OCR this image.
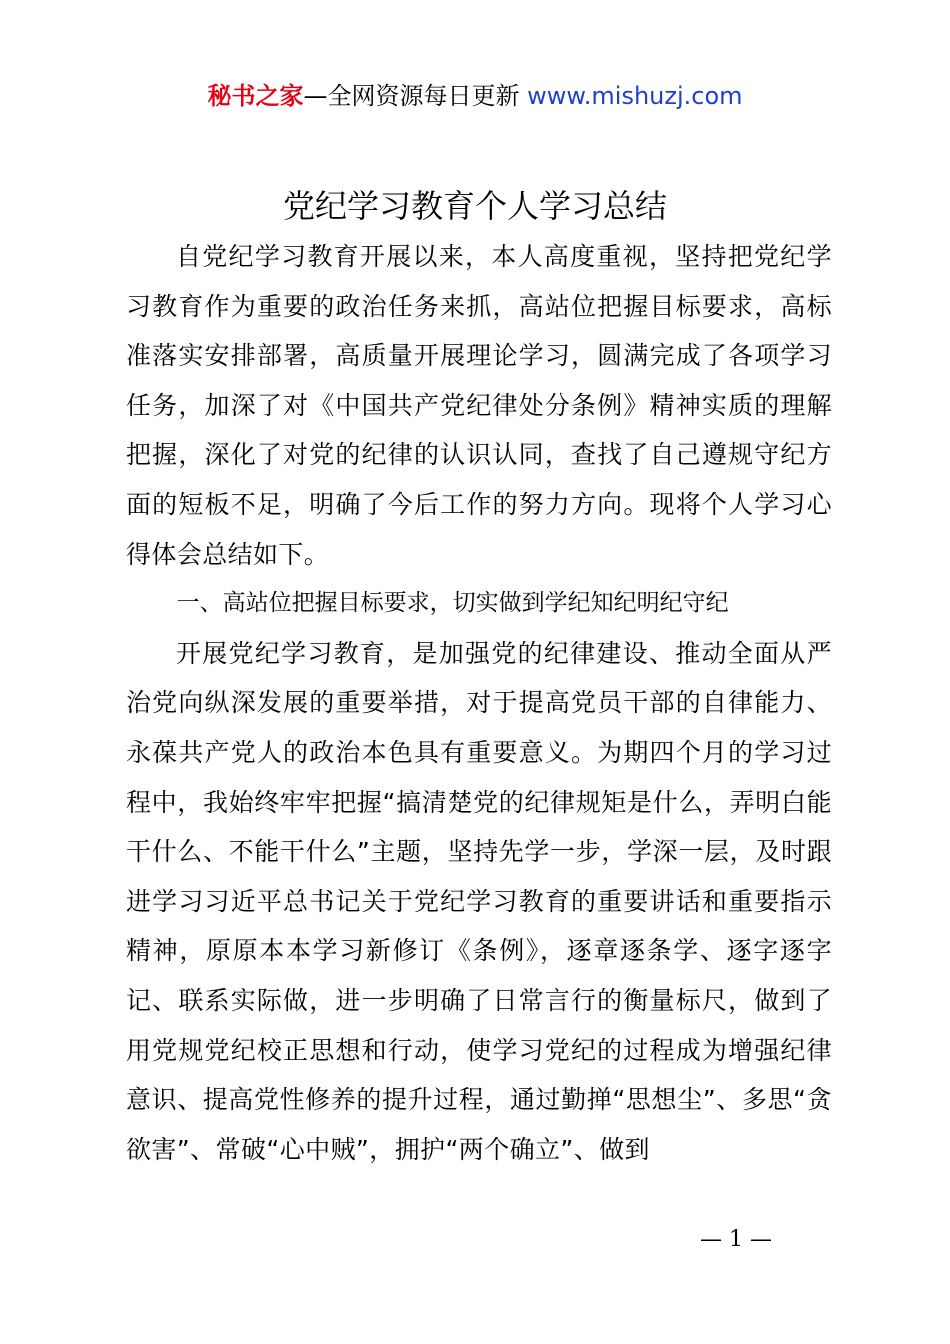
秘书之家—全网资源每日更新 www.mishuzj.com
党纪学习教育个人学习总结

自党纪学习教育开展以来，本人高度重视，坚持把党纪学习教育作为重要的政治任务来抓，高站位把握目标要求，高标准落实安排部署，高质量开展理论学习，圆满完成了各项学习任务，加深了对《中国共产党纪律处分条例》精神实质的理解把握，深化了对党的纪律的认识认同，查找了自己遵规守纪方面的短板不足，明确了今后工作的努力方向。现将个人学习心得体会总结如下。

一、高站位把握目标要求，切实做到学纪知纪明纪守纪

开展党纪学习教育，是加强党的纪律建设、推动全面从严治党向纵深发展的重要举措，对于提高党员干部的自律能力、永葆共产党人的政治本色具有重要意义。为期四个月的学习过程中，我始终牢牢把握“搞清楚党的纪律规矩是什么，弄明白能干什么、不能干什么”主题，坚持先学一步，学深一层，及时跟进学习习近平总书记关于党纪学习教育的重要讲话和重要指示精神，原原本本学习新修订《条例》，逐章逐条学、逐字逐字记、联系实际做，进一步明确了日常言行的衡量标尺，做到了用党规党纪校正思想和行动，使学习党纪的过程成为增强纪律意识、提高党性修养的提升过程，通过勤掸“思想尘”、多思“贪欲害”、常破“心中贼”，拥护“两个确立”、做到

— 1 —
